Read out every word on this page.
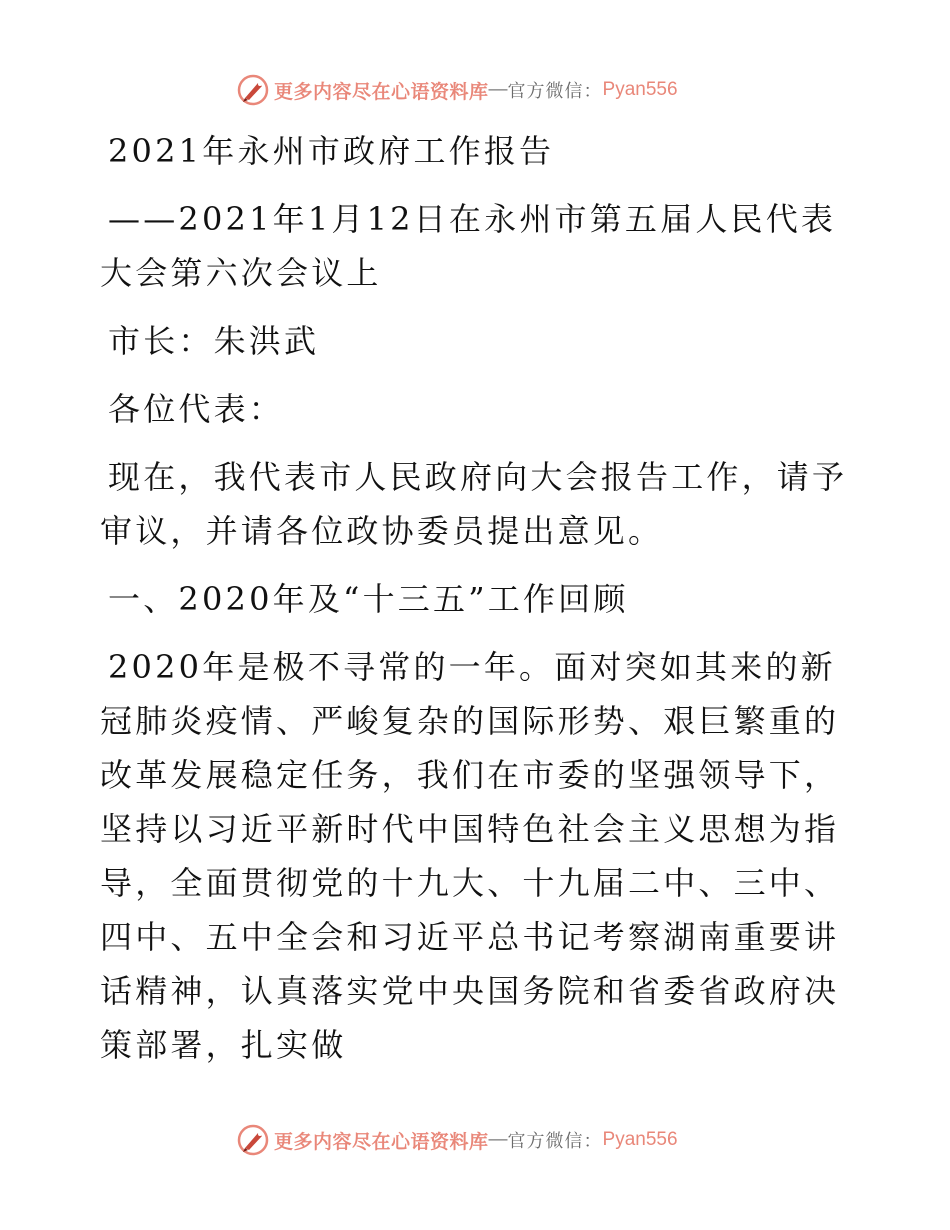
更多内容尽在心语资料库 — 官方微信： Pyan556

2021年永州市政府工作报告

——2021年1月12日在永州市第五届人民代表大会第六次会议上

市长：朱洪武

各位代表：

现在，我代表市人民政府向大会报告工作，请予审议，并请各位政协委员提出意见。

一、2020年及“十三五”工作回顾

2020年是极不寻常的一年。面对突如其来的新冠肺炎疫情、严峻复杂的国际形势、艰巨繁重的改革发展稳定任务，我们在市委的坚强领导下，坚持以习近平新时代中国特色社会主义思想为指导，全面贯彻党的十九大、十九届二中、三中、四中、五中全会和习近平总书记考察湖南重要讲话精神，认真落实党中央国务院和省委省政府决策部署，扎实做

更多内容尽在心语资料库 — 官方微信： Pyan556
